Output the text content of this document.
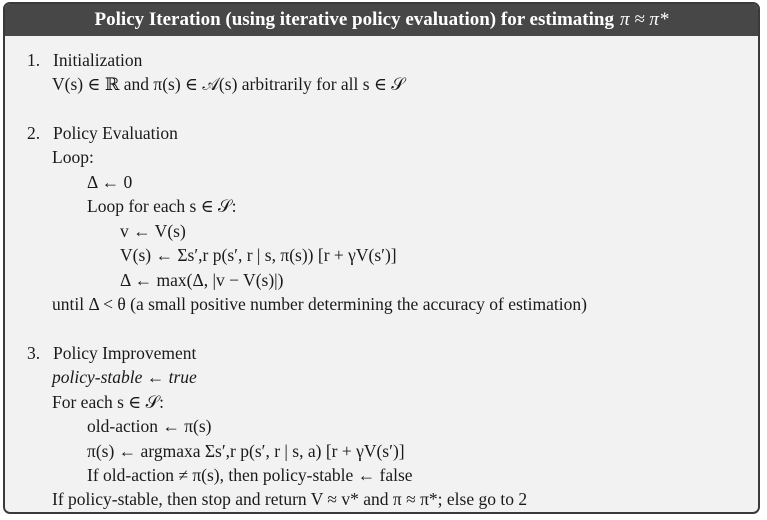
Policy Iteration (using iterative policy evaluation) for estimating π ≈ π*
1. Initialization
V(s) ∈ ℝ and π(s) ∈ 𝒜(s) arbitrarily for all s ∈ 𝒮
2. Policy Evaluation
Loop:
Δ ← 0
Loop for each s ∈ 𝒮:
v ← V(s)
V(s) ← Σs′,r p(s′, r | s, π(s)) [r + γV(s′)]
Δ ← max(Δ, |v − V(s)|)
until Δ < θ (a small positive number determining the accuracy of estimation)
3. Policy Improvement
policy-stable ← true
For each s ∈ 𝒮:
old-action ← π(s)
π(s) ← argmaxa Σs′,r p(s′, r | s, a) [r + γV(s′)]
If old-action ≠ π(s), then policy-stable ← false
If policy-stable, then stop and return V ≈ v* and π ≈ π*; else go to 2
